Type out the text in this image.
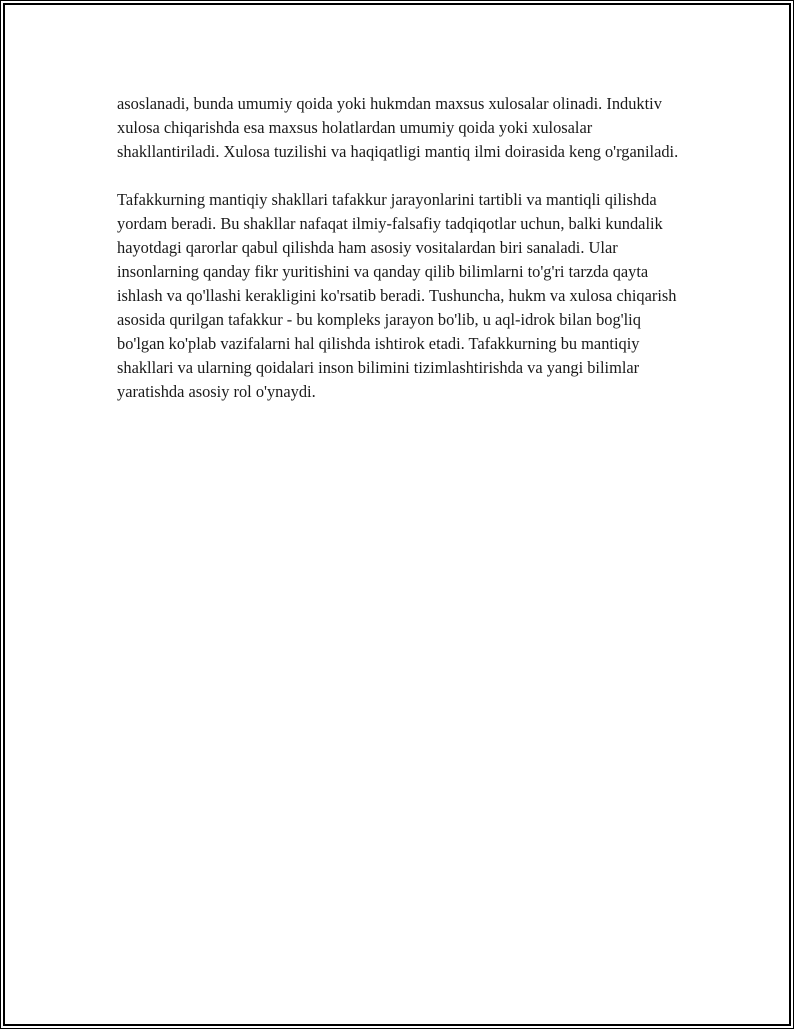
asoslanadi, bunda umumiy qoida yoki hukmdan maxsus xulosalar olinadi. Induktiv xulosa chiqarishda esa maxsus holatlardan umumiy qoida yoki xulosalar shakllantiriladi. Xulosa tuzilishi va haqiqatligi mantiq ilmi doirasida keng o'rganiladi.

Tafakkurning mantiqiy shakllari tafakkur jarayonlarini tartibli va mantiqli qilishda yordam beradi. Bu shakllar nafaqat ilmiy-falsafiy tadqiqotlar uchun, balki kundalik hayotdagi qarorlar qabul qilishda ham asosiy vositalardan biri sanaladi. Ular insonlarning qanday fikr yuritishini va qanday qilib bilimlarni to'g'ri tarzda qayta ishlash va qo'llashi kerakligini ko'rsatib beradi. Tushuncha, hukm va xulosa chiqarish asosida qurilgan tafakkur - bu kompleks jarayon bo'lib, u aql-idrok bilan bog'liq bo'lgan ko'plab vazifalarni hal qilishda ishtirok etadi. Tafakkurning bu mantiqiy shakllari va ularning qoidalari inson bilimini tizimlashtirishda va yangi bilimlar yaratishda asosiy rol o'ynaydi.
